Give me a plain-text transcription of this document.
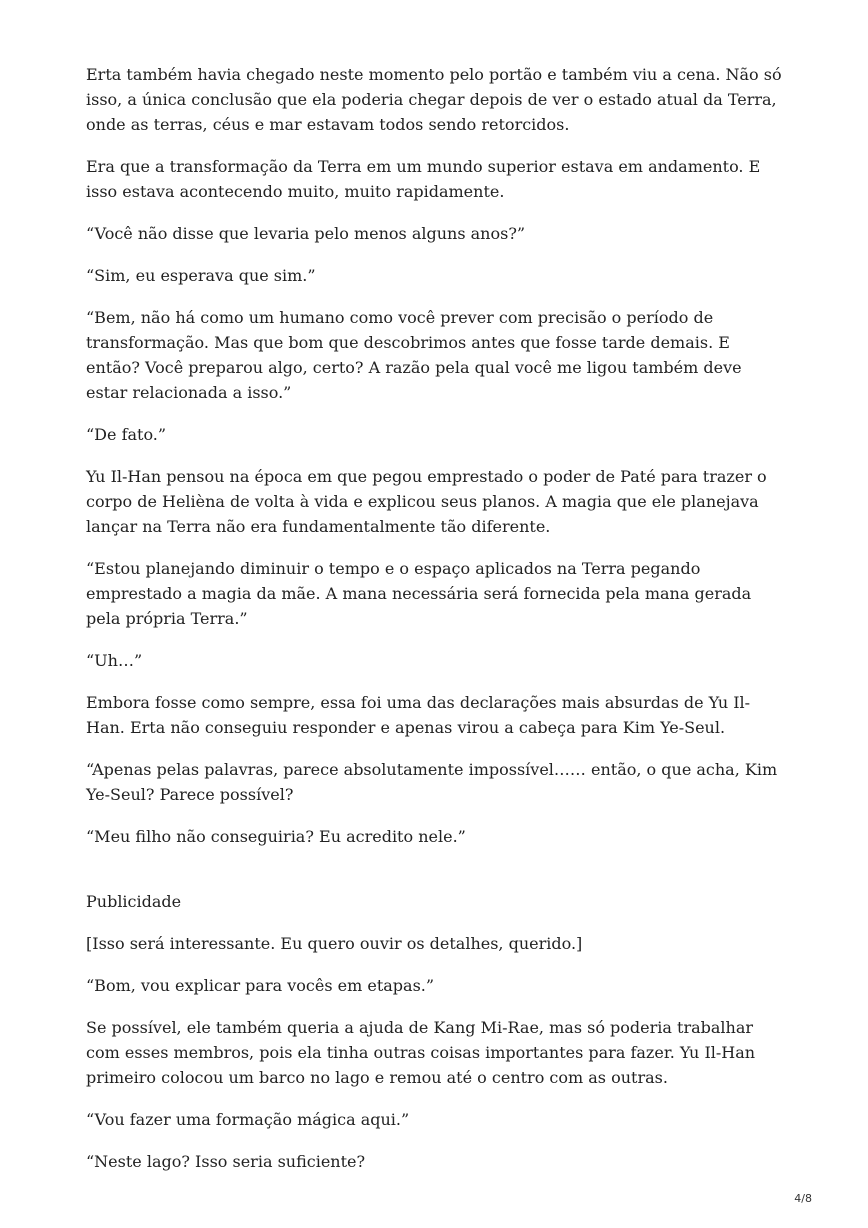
Erta também havia chegado neste momento pelo portão e também viu a cena. Não só isso, a única conclusão que ela poderia chegar depois de ver o estado atual da Terra, onde as terras, céus e mar estavam todos sendo retorcidos.

Era que a transformação da Terra em um mundo superior estava em andamento. E isso estava acontecendo muito, muito rapidamente.

“Você não disse que levaria pelo menos alguns anos?”

“Sim, eu esperava que sim.”

“Bem, não há como um humano como você prever com precisão o período de transformação. Mas que bom que descobrimos antes que fosse tarde demais. E então? Você preparou algo, certo? A razão pela qual você me ligou também deve estar relacionada a isso.”

“De fato.”

Yu Il-Han pensou na época em que pegou emprestado o poder de Paté para trazer o corpo de Helièna de volta à vida e explicou seus planos. A magia que ele planejava lançar na Terra não era fundamentalmente tão diferente.

“Estou planejando diminuir o tempo e o espaço aplicados na Terra pegando emprestado a magia da mãe. A mana necessária será fornecida pela mana gerada pela própria Terra.”

“Uh…”

Embora fosse como sempre, essa foi uma das declarações mais absurdas de Yu Il-Han. Erta não conseguiu responder e apenas virou a cabeça para Kim Ye-Seul.

“Apenas pelas palavras, parece absolutamente impossível…… então, o que acha, Kim Ye-Seul? Parece possível?

“Meu filho não conseguiria? Eu acredito nele.”

Publicidade

[Isso será interessante. Eu quero ouvir os detalhes, querido.]

“Bom, vou explicar para vocês em etapas.”

Se possível, ele também queria a ajuda de Kang Mi-Rae, mas só poderia trabalhar com esses membros, pois ela tinha outras coisas importantes para fazer. Yu Il-Han primeiro colocou um barco no lago e remou até o centro com as outras.

“Vou fazer uma formação mágica aqui.”

“Neste lago? Isso seria suficiente?

4/8
